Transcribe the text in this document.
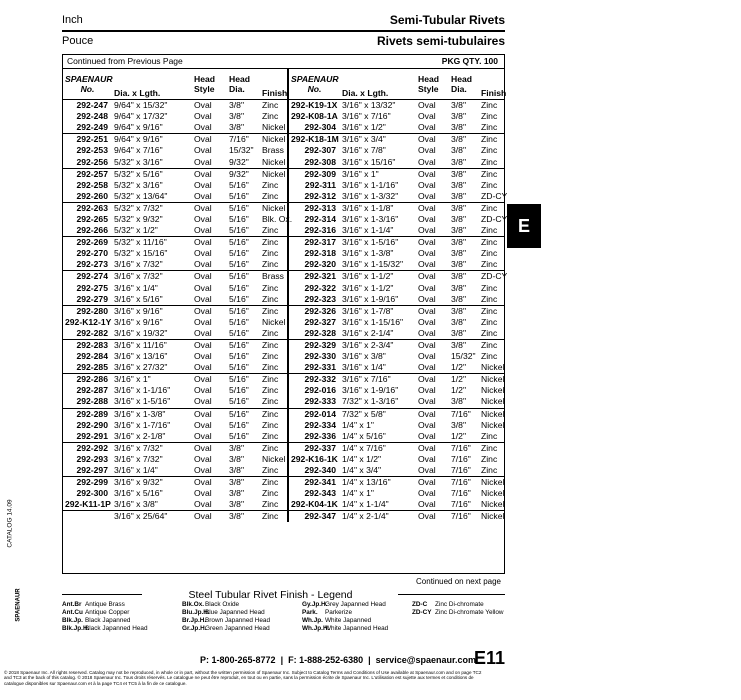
Inch	Semi-Tubular Rivets
Pouce	Rivets semi-tubulaires
E
Continued from Previous Page	PKG QTY. 100
SPAENAUR No.	Dia. x Lgth.	Head
Style	Head
Dia.	Finish	SPAENAUR No.	Dia. x Lgth.	Head
Style	Head
Dia.	Finish
292-247	9/64" x 15/32"	Oval	3/8"	Zinc	292-K19-1X	3/16" x 13/32"	Oval	3/8"	Zinc
292-248	9/64" x 17/32"	Oval	3/8"	Zinc	292-K08-1A	3/16" x 7/16"	Oval	3/8"	Zinc
292-249	9/64" x 9/16"	Oval	3/8"	Nickel	292-304	3/16" x 1/2"	Oval	3/8"	Zinc
292-251	9/64" x 9/16"	Oval	7/16"	Nickel	292-K18-1M	3/16" x 3/4"	Oval	3/8"	Zinc
292-253	9/64" x 7/16"	Oval	15/32"	Brass	292-307	3/16" x 7/8"	Oval	3/8"	Zinc
292-256	5/32" x 3/16"	Oval	9/32"	Nickel	292-308	3/16" x 15/16"	Oval	3/8"	Zinc
292-257	5/32" x 5/16"	Oval	9/32"	Nickel	292-309	3/16" x 1"	Oval	3/8"	Zinc
292-258	5/32" x 3/16"	Oval	5/16"	Zinc	292-311	3/16" x 1-1/16"	Oval	3/8"	Zinc
292-260	5/32" x 13/64"	Oval	5/16"	Zinc	292-312	3/16" x 1-3/32"	Oval	3/8"	ZD-CY
292-263	5/32" x 7/32"	Oval	5/16"	Nickel	292-313	3/16" x 1-1/8"	Oval	3/8"	Zinc
292-265	5/32" x 9/32"	Oval	5/16"	Blk. Ox.	292-314	3/16" x 1-3/16"	Oval	3/8"	ZD-CY
292-266	5/32" x 1/2"	Oval	5/16"	Zinc	292-316	3/16" x 1-1/4"	Oval	3/8"	Zinc
292-269	5/32" x 11/16"	Oval	5/16"	Zinc	292-317	3/16" x 1-5/16"	Oval	3/8"	Zinc
292-270	5/32" x 15/16"	Oval	5/16"	Zinc	292-318	3/16" x 1-3/8"	Oval	3/8"	Zinc
292-273	3/16" x 7/32"	Oval	5/16"	Zinc	292-320	3/16" x 1-15/32"	Oval	3/8"	Zinc
292-274	3/16" x 7/32"	Oval	5/16"	Brass	292-321	3/16" x 1-1/2"	Oval	3/8"	ZD-CY
292-275	3/16" x 1/4"	Oval	5/16"	Zinc	292-322	3/16" x 1-1/2"	Oval	3/8"	Zinc
292-279	3/16" x 5/16"	Oval	5/16"	Zinc	292-323	3/16" x 1-9/16"	Oval	3/8"	Zinc
292-280	3/16" x 9/16"	Oval	5/16"	Zinc	292-326	3/16" x 1-7/8"	Oval	3/8"	Zinc
292-K12-1Y	3/16" x 9/16"	Oval	5/16"	Nickel	292-327	3/16" x 1-15/16"	Oval	3/8"	Zinc
292-282	3/16" x 19/32"	Oval	5/16"	Zinc	292-328	3/16" x 2-1/4"	Oval	3/8"	Zinc
292-283	3/16" x 11/16"	Oval	5/16"	Zinc	292-329	3/16" x 2-3/4"	Oval	3/8"	Zinc
292-284	3/16" x 13/16"	Oval	5/16"	Zinc	292-330	3/16" x 3/8"	Oval	15/32"	Zinc
292-285	3/16" x 27/32"	Oval	5/16"	Zinc	292-331	3/16" x 1/4"	Oval	1/2"	Nickel
292-286	3/16" x 1"	Oval	5/16"	Zinc	292-332	3/16" x 7/16"	Oval	1/2"	Nickel
292-287	3/16" x 1-1/16"	Oval	5/16"	Zinc	292-016	3/16" x 1-9/16"	Oval	1/2"	Nickel
292-288	3/16" x 1-5/16"	Oval	5/16"	Zinc	292-333	7/32" x 1-3/16"	Oval	3/8"	Nickel
292-289	3/16" x 1-3/8"	Oval	5/16"	Zinc	292-014	7/32" x 5/8"	Oval	7/16"	Nickel
292-290	3/16" x 1-7/16"	Oval	5/16"	Zinc	292-334	1/4" x 1"	Oval	3/8"	Nickel
292-291	3/16" x 2-1/8"	Oval	5/16"	Zinc	292-336	1/4" x 5/16"	Oval	1/2"	Zinc
292-292	3/16" x 7/32"	Oval	3/8"	Zinc	292-337	1/4" x 7/16"	Oval	7/16"	Zinc
292-293	3/16" x 7/32"	Oval	3/8"	Nickel	292-K16-1K	1/4" x 1/2"	Oval	7/16"	Zinc
292-297	3/16" x 1/4"	Oval	3/8"	Zinc	292-340	1/4" x 3/4"	Oval	7/16"	Zinc
292-299	3/16" x 9/32"	Oval	3/8"	Zinc	292-341	1/4" x 13/16"	Oval	7/16"	Nickel
292-300	3/16" x 5/16"	Oval	3/8"	Zinc	292-343	1/4" x 1"	Oval	7/16"	Nickel
292-K11-1P	3/16" x 3/8"	Oval	3/8"	Zinc	292-K04-1K	1/4" x 1-1/4"	Oval	7/16"	Nickel
	3/16" x 25/64"	Oval	3/8"	Zinc	292-347	1/4" x 2-1/4"	Oval	7/16"	Nickel
Continued on next page
Steel Tubular Rivet Finish - Legend
Ant.Br Antique Brass
Ant.Cu Antique Copper
Blk.Jp. Black Japanned
Blk.Jp.H.Black Japanned Head
Blk.Ox.Black Oxide
Blu.Jp.H.Blue Japanned Head
Br.Jp.H.Brown Japanned Head
Gr.Jp.H.Green Japanned Head
Gy.Jp.H.Grey Japanned Head
Park. Parkerize
Wh.Jp. White Japanned
Wh.Jp.H.White Japanned Head
ZD-C Zinc Di-chromate
ZD-CY Zinc Di-chromate Yellow
P: 1-800-265-8772  |  F: 1-888-252-6380  |  service@spaenaur.com
E11
© 2018 Spaenaur Inc. All rights reserved. Catalog may not be reproduced, in whole or in part, without the written permission of Spaenaur Inc. Subject to Catalog Terms and Conditions of Use available at Spaenaur.com and on page TC2 and TC3 at the back of this catalog. © 2018 Spaenaur Inc. Tous droits réservés. Le catalogue ne peut être reproduit, en tout ou en partie, sans la permission écrite de Spaenaur Inc. L'utilisation est sujette aux termes et conditions de catalogue disponibles sur Spaenaur.com et à la page TC4 et TC5 à la fin de ce catalogue.
CATALOG 14.09
SPAENAUR
